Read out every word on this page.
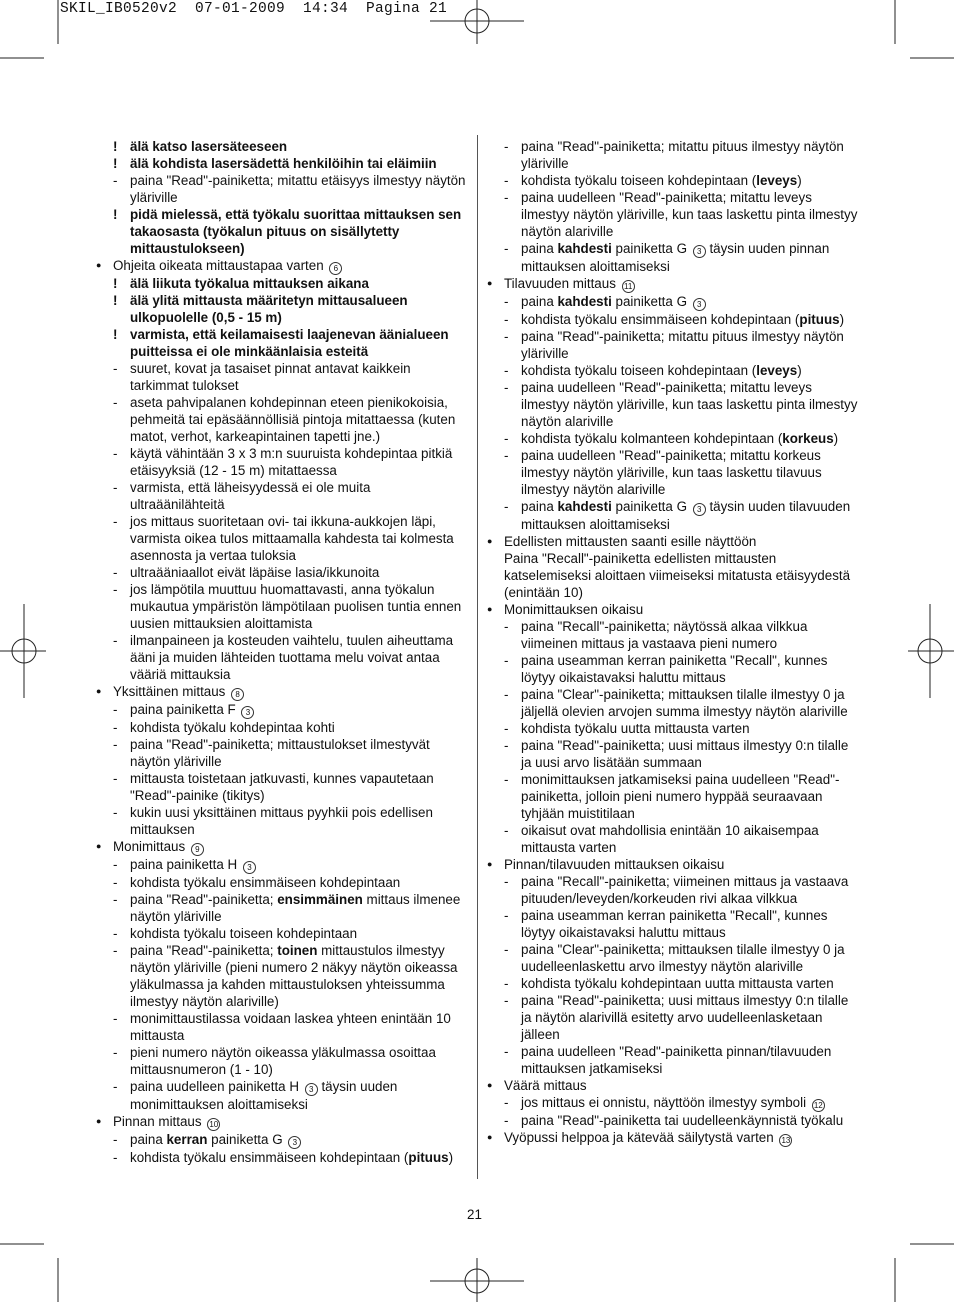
SKIL_IB0520v2  07-01-2009  14:34  Pagina 21
! älä katso lasersäteeseen
! älä kohdista lasersädettä henkilöihin tai eläimiin
- paina "Read"-painiketta; mitattu etäisyys ilmestyy näytön yläriville
! pidä mielessä, että työkalu suorittaa mittauksen sen takaosasta (työkalun pituus on sisällytetty mittaustulokseen)
● Ohjeita oikeata mittaustapaa varten 6
! älä liikuta työkalua mittauksen aikana
! älä ylitä mittausta määritetyn mittausalueen ulkopuolelle (0,5 - 15 m)
! varmista, että keilamaisesti laajenevan äänialueen puitteissa ei ole minkäänlaisia esteitä
- suuret, kovat ja tasaiset pinnat antavat kaikkein tarkimmat tulokset
- aseta pahvipalanen kohdepinnan eteen pienikokoisia, pehmeitä tai epäsäännöllisiä pintoja mitattaessa (kuten matot, verhot, karkeapintainen tapetti jne.)
- käytä vähintään 3 x 3 m:n suuruista kohdepintaa pitkiä etäisyyksiä (12 - 15 m) mitattaessa
- varmista, että läheisyydessä ei ole muita ultraäänilähteitä
- jos mittaus suoritetaan ovi- tai ikkuna-aukkojen läpi, varmista oikea tulos mittaamalla kahdesta tai kolmesta asennosta ja vertaa tuloksia
- ultraääniaallot eivät läpäise lasia/ikkunoita
- jos lämpötila muuttuu huomattavasti, anna työkalun mukautua ympäristön lämpötilaan puolisen tuntia ennen uusien mittauksien aloittamista
- ilmanpaineen ja kosteuden vaihtelu, tuulen aiheuttama ääni ja muiden lähteiden tuottama melu voivat antaa vääriä mittauksia
● Yksittäinen mittaus 8
- paina painiketta F 3
- kohdista työkalu kohdepintaa kohti
- paina "Read"-painiketta; mittaustulokset ilmestyvät näytön yläriville
- mittausta toistetaan jatkuvasti, kunnes vapautetaan "Read"-painike (tikitys)
- kukin uusi yksittäinen mittaus pyyhkii pois edellisen mittauksen
● Monimittaus 9
- paina painiketta H 3
- kohdista työkalu ensimmäiseen kohdepintaan
- paina "Read"-painiketta; ensimmäinen mittaus ilmenee näytön yläriville
- kohdista työkalu toiseen kohdepintaan
- paina "Read"-painiketta; toinen mittaustulos ilmestyy näytön yläriville (pieni numero 2 näkyy näytön oikeassa yläkulmassa ja kahden mittaustuloksen yhteissumma ilmestyy näytön alariville)
- monimittaustilassa voidaan laskea yhteen enintään 10 mittausta
- pieni numero näytön oikeassa yläkulmassa osoittaa mittausnumeron (1 - 10)
- paina uudelleen painiketta H 3 täysin uuden monimittauksen aloittamiseksi
● Pinnan mittaus 10
- paina kerran painiketta G 3
- kohdista työkalu ensimmäiseen kohdepintaan (pituus)
- paina "Read"-painiketta; mitattu pituus ilmestyy näytön yläriville
- kohdista työkalu toiseen kohdepintaan (leveys)
- paina uudelleen "Read"-painiketta; mitattu leveys ilmestyy näytön yläriville, kun taas laskettu pinta ilmestyy näytön alariville
- paina kahdesti painiketta G 3 täysin uuden pinnan mittauksen aloittamiseksi
● Tilavuuden mittaus 11
- paina kahdesti painiketta G 3
- kohdista työkalu ensimmäiseen kohdepintaan (pituus)
- paina "Read"-painiketta; mitattu pituus ilmestyy näytön yläriville
- kohdista työkalu toiseen kohdepintaan (leveys)
- paina uudelleen "Read"-painiketta; mitattu leveys ilmestyy näytön yläriville, kun taas laskettu pinta ilmestyy näytön alariville
- kohdista työkalu kolmanteen kohdepintaan (korkeus)
- paina uudelleen "Read"-painiketta; mitattu korkeus ilmestyy näytön yläriville, kun taas laskettu tilavuus ilmestyy näytön alariville
- paina kahdesti painiketta G 3 täysin uuden tilavuuden mittauksen aloittamiseksi
● Edellisten mittausten saanti esille näyttöön
Paina "Recall"-painiketta edellisten mittausten katselemiseksi aloittaen viimeiseksi mitatusta etäisyydestä (enintään 10)
● Monimittauksen oikaisu
- paina "Recall"-painiketta; näytössä alkaa vilkkua viimeinen mittaus ja vastaava pieni numero
- paina useamman kerran painiketta "Recall", kunnes löytyy oikaistavaksi haluttu mittaus
- paina "Clear"-painiketta; mittauksen tilalle ilmestyy 0 ja jäljellä olevien arvojen summa ilmestyy näytön alariville
- kohdista työkalu uutta mittausta varten
- paina "Read"-painiketta; uusi mittaus ilmestyy 0:n tilalle ja uusi arvo lisätään summaan
- monimittauksen jatkamiseksi paina uudelleen "Read"-painiketta, jolloin pieni numero hyppää seuraavaan tyhjään muistitilaan
- oikaisut ovat mahdollisia enintään 10 aikaisempaa mittausta varten
● Pinnan/tilavuuden mittauksen oikaisu
- paina "Recall"-painiketta; viimeinen mittaus ja vastaava pituuden/leveyden/korkeuden rivi alkaa vilkkua
- paina useamman kerran painiketta "Recall", kunnes löytyy oikaistavaksi haluttu mittaus
- paina "Clear"-painiketta; mittauksen tilalle ilmestyy 0 ja uudelleenlaskettu arvo ilmestyy näytön alariville
- kohdista työkalu kohdepintaan uutta mittausta varten
- paina "Read"-painiketta; uusi mittaus ilmestyy 0:n tilalle ja näytön alarivillä esitetty arvo uudelleenlasketaan jälleen
- paina uudelleen "Read"-painiketta pinnan/tilavuuden mittauksen jatkamiseksi
● Väärä mittaus
- jos mittaus ei onnistu, näyttöön ilmestyy symboli 12
- paina "Read"-painiketta tai uudelleenkäynnistä työkalu
● Vyöpussi helppoa ja kätevää säilytystä varten 13
21
